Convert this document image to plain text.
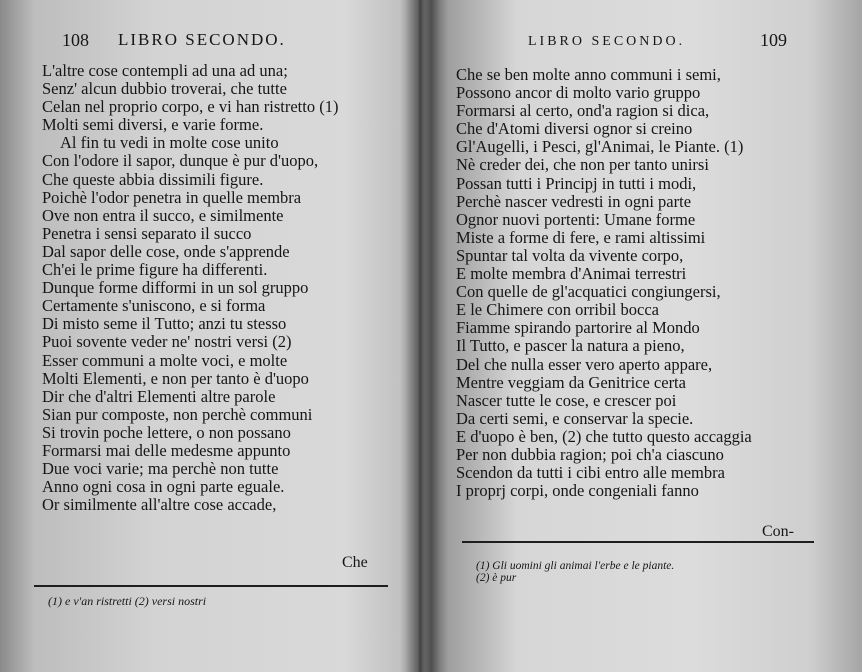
108 LIBRO SECONDO.
L'altre cose contempli ad una ad una;
Senz' alcun dubbio troverai, che tutte
Celan nel proprio corpo, e vi han ristretto (1)
Molti semi diversi, e varie forme.
Al fin tu vedi in molte cose unito
Con l'odore il sapor, dunque è pur d'uopo,
Che queste abbia dissimili figure.
Poichè l'odor penetra in quelle membra
Ove non entra il succo, e similmente
Penetra i sensi separato il succo
Dal sapor delle cose, onde s'apprende
Ch'ei le prime figure ha differenti.
Dunque forme difformi in un sol gruppo
Certamente s'uniscono, e si forma
Di misto seme il Tutto; anzi tu stesso
Puoi sovente veder ne' nostri versi (2)
Esser communi a molte voci, e molte
Molti Elementi, e non per tanto è d'uopo
Dir che d'altri Elementi altre parole
Sian pur composte, non perchè communi
Si trovin poche lettere, o non possano
Formarsi mai delle medesme appunto
Due voci varie; ma perchè non tutte
Anno ogni cosa in ogni parte eguale.
Or similmente all'altre cose accade,
Che
(1) e v'an ristretti (2) versi nostri
LIBRO SECONDO.	109
Che se ben molte anno communi i semi,
Possono ancor di molto vario gruppo
Formarsi al certo, ond'a ragion si dica,
Che d'Atomi diversi ognor si creino
Gl'Augelli, i Pesci, gl'Animai, le Piante. (1)
Nè creder dei, che non per tanto unirsi
Possan tutti i Principj in tutti i modi,
Perchè nascer vedresti in ogni parte
Ognor nuovi portenti: Umane forme
Miste a forme di fere, e rami altissimi
Spuntar tal volta da vivente corpo,
E molte membra d'Animai terrestri
Con quelle de gl'acquatici congiungersi,
E le Chimere con orribil bocca
Fiamme spirando partorire al Mondo
Il Tutto, e pascer la natura a pieno,
Del che nulla esser vero aperto appare,
Mentre veggiam da Genitrice certa
Nascer tutte le cose, e crescer poi
Da certi semi, e conservar la specie.
E d'uopo è ben, (2) che tutto questo accaggia
Per non dubbia ragion; poi ch'a ciascuno
Scendon da tutti i cibi entro alle membra
I proprj corpi, onde congeniali fanno
Con-
(1) Gli uomini gli animai l'erbe e le piante.
(2) è pur
